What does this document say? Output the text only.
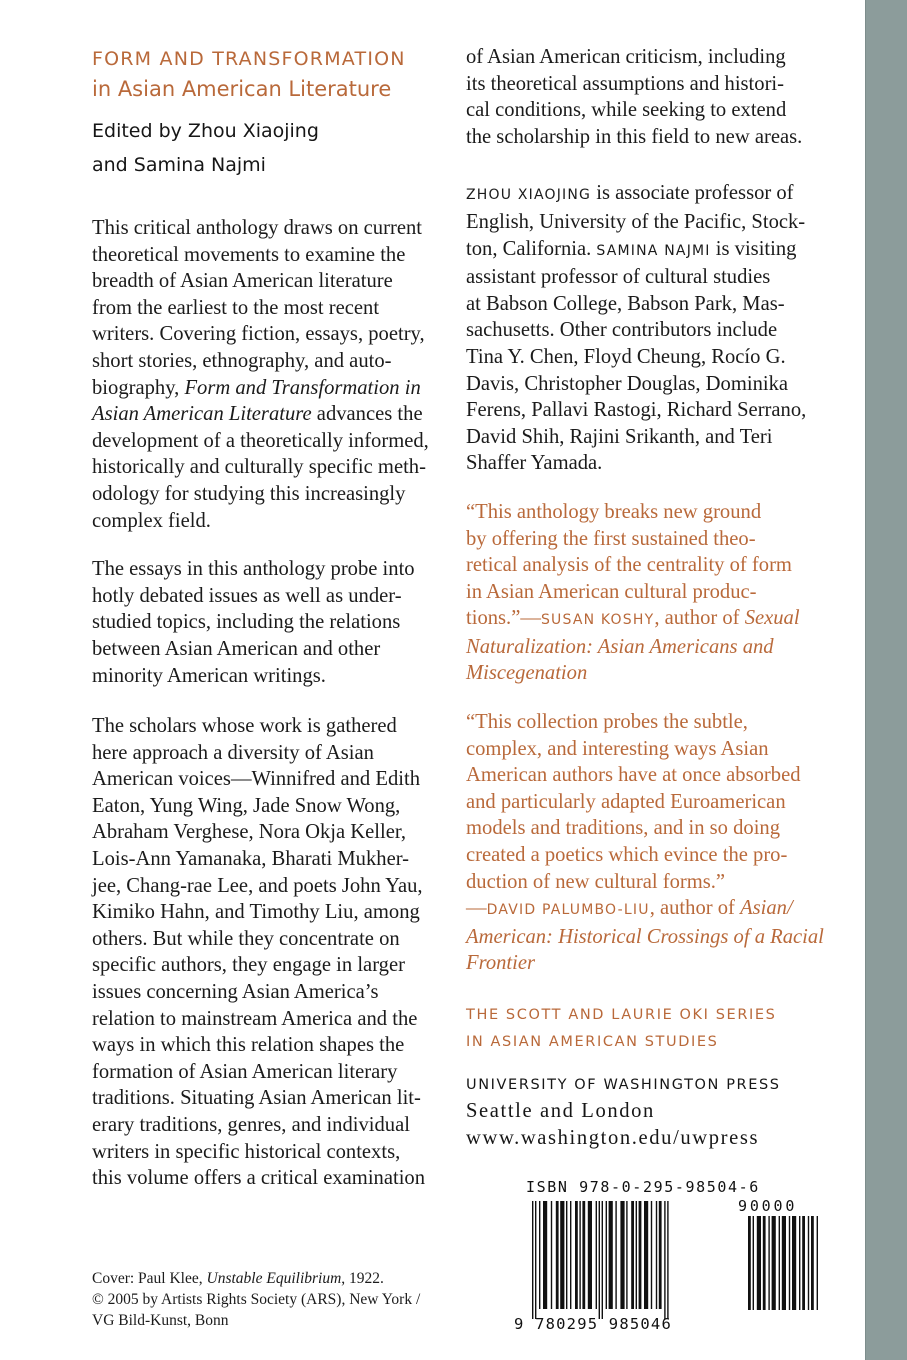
FORM AND TRANSFORMATION
in Asian American Literature
Edited by Zhou Xiaojing
and Samina Najmi
This critical anthology draws on current
theoretical movements to examine the
breadth of Asian American literature
from the earliest to the most recent
writers. Covering fiction, essays, poetry,
short stories, ethnography, and auto-
biography, Form and Transformation in
Asian American Literature advances the
development of a theoretically informed,
historically and culturally specific meth-
odology for studying this increasingly
complex field.
The essays in this anthology probe into
hotly debated issues as well as under-
studied topics, including the relations
between Asian American and other
minority American writings.
The scholars whose work is gathered
here approach a diversity of Asian
American voices—Winnifred and Edith
Eaton, Yung Wing, Jade Snow Wong,
Abraham Verghese, Nora Okja Keller,
Lois-Ann Yamanaka, Bharati Mukher-
jee, Chang-rae Lee, and poets John Yau,
Kimiko Hahn, and Timothy Liu, among
others. But while they concentrate on
specific authors, they engage in larger
issues concerning Asian America’s
relation to mainstream America and the
ways in which this relation shapes the
formation of Asian American literary
traditions. Situating Asian American lit-
erary traditions, genres, and individual
writers in specific historical contexts,
this volume offers a critical examination
Cover: Paul Klee, Unstable Equilibrium, 1922.
© 2005 by Artists Rights Society (ARS), New York /
VG Bild-Kunst, Bonn
of Asian American criticism, including
its theoretical assumptions and histori-
cal conditions, while seeking to extend
the scholarship in this field to new areas.
ZHOU XIAOJING is associate professor of
English, University of the Pacific, Stock-
ton, California. SAMINA NAJMI is visiting
assistant professor of cultural studies
at Babson College, Babson Park, Mas-
sachusetts. Other contributors include
Tina Y. Chen, Floyd Cheung, Rocío G.
Davis, Christopher Douglas, Dominika
Ferens, Pallavi Rastogi, Richard Serrano,
David Shih, Rajini Srikanth, and Teri
Shaffer Yamada.
“This anthology breaks new ground
by offering the first sustained theo-
retical analysis of the centrality of form
in Asian American cultural produc-
tions.”—SUSAN KOSHY, author of Sexual
Naturalization: Asian Americans and
Miscegenation
“This collection probes the subtle,
complex, and interesting ways Asian
American authors have at once absorbed
and particularly adapted Euroamerican
models and traditions, and in so doing
created a poetics which evince the pro-
duction of new cultural forms.”
—DAVID PALUMBO-LIU, author of Asian/
American: Historical Crossings of a Racial
Frontier
THE SCOTT AND LAURIE OKI SERIES
IN ASIAN AMERICAN STUDIES
UNIVERSITY OF WASHINGTON PRESS
Seattle and London
www.washington.edu/uwpress
ISBN 978-0-295-98504-6
90000
9 780295 985046
